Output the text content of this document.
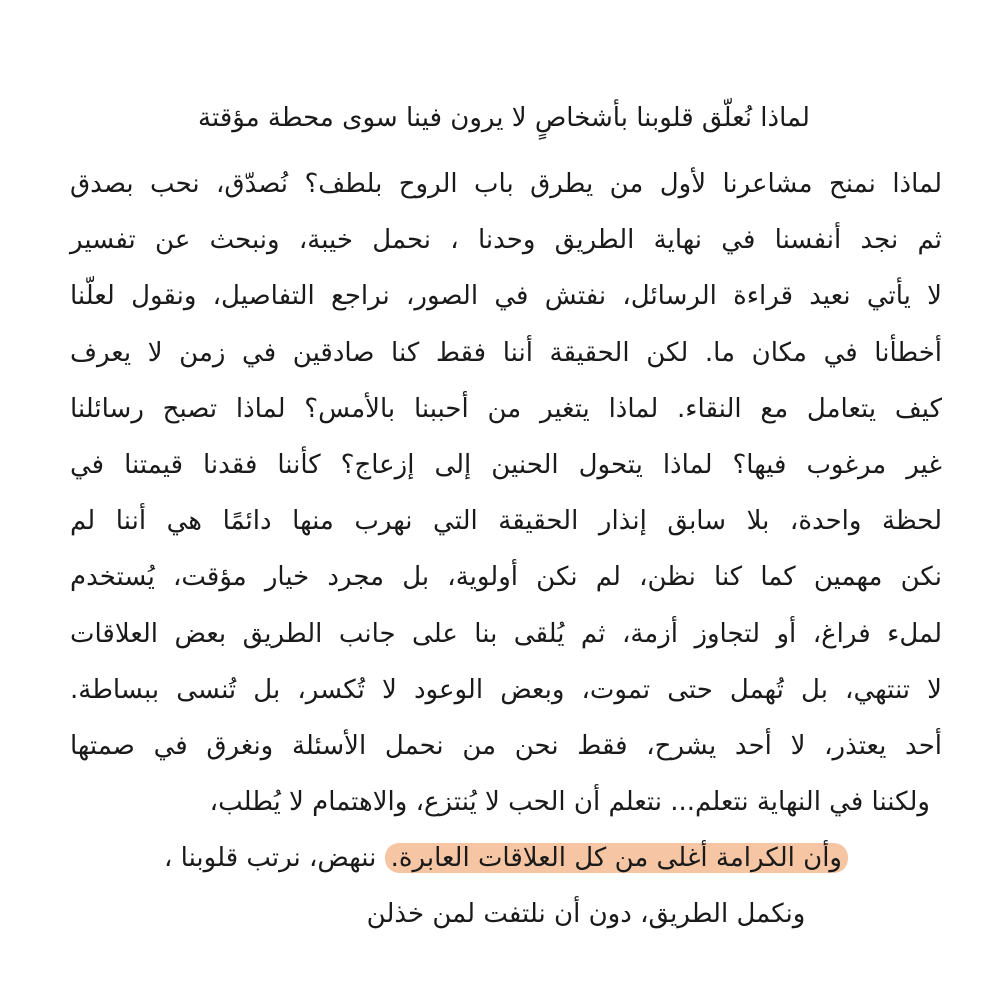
لماذا نُعلّق قلوبنا بأشخاصٍ لا يرون فينا سوى محطة مؤقتة
لماذا نمنح مشاعرنا لأول من يطرق باب الروح بلطف؟ نُصدّق، نحب بصدق
ثم نجد أنفسنا في نهاية الطريق وحدنا ، نحمل خيبة، ونبحث عن تفسير
لا يأتي نعيد قراءة الرسائل، نفتش في الصور، نراجع التفاصيل، ونقول لعلّنا
أخطأنا في مكان ما. لكن الحقيقة أننا فقط كنا صادقين في زمن لا يعرف
كيف يتعامل مع النقاء. لماذا يتغير من أحببنا بالأمس؟ لماذا تصبح رسائلنا
غير مرغوب فيها؟ لماذا يتحول الحنين إلى إزعاج؟ كأننا فقدنا قيمتنا في
لحظة واحدة، بلا سابق إنذار الحقيقة التي نهرب منها دائمًا هي أننا لم
نكن مهمين كما كنا نظن، لم نكن أولوية، بل مجرد خيار مؤقت، يُستخدم
لملء فراغ، أو لتجاوز أزمة، ثم يُلقى بنا على جانب الطريق بعض العلاقات
لا تنتهي، بل تُهمل حتى تموت، وبعض الوعود لا تُكسر، بل تُنسى ببساطة.
أحد يعتذر، لا أحد يشرح، فقط نحن من نحمل الأسئلة ونغرق في صمتها
ولكننا في النهاية نتعلم... نتعلم أن الحب لا يُنتزع، والاهتمام لا يُطلب،
وأن الكرامة أغلى من كل العلاقات العابرة. ننهض، نرتب قلوبنا ،
ونكمل الطريق، دون أن نلتفت لمن خذلن
